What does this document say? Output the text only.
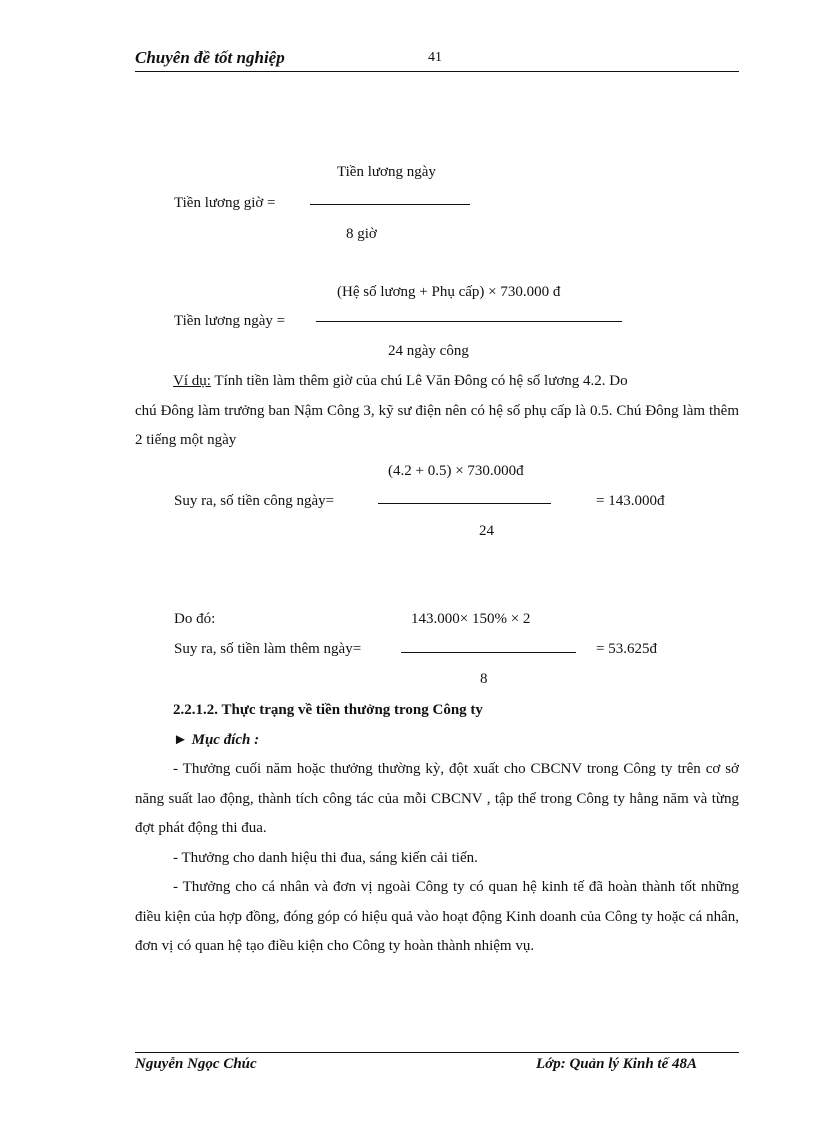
Chuyên đề tốt nghiệp	41
Tiền lương ngày
Tiền lương giờ =
8 giờ
(Hệ số lương + Phụ cấp) × 730.000 đ
Tiền lương ngày =
24 ngày công
Ví dụ: Tính tiền làm thêm giờ của chú Lê Văn Đông có hệ số lương 4.2. Do
chú Đông làm trưởng ban Nậm Công 3, kỹ sư điện nên có hệ số phụ cấp là 0.5. Chú Đông làm thêm 2 tiếng một ngày
(4.2 + 0.5) × 730.000đ
Suy ra, số tiền công ngày=	= 143.000đ
24
Do đó:	143.000× 150% × 2
Suy ra, số tiền làm thêm ngày=	= 53.625đ
8
2.2.1.2. Thực trạng về tiền thưởng trong Công ty
► Mục đích :
- Thưởng cuối năm hoặc thưởng thường kỳ, đột xuất cho CBCNV trong Công ty trên cơ sở năng suất lao động, thành tích công tác của mỗi CBCNV , tập thể trong Công ty hằng năm và từng đợt phát động thi đua.
- Thưởng cho danh hiệu thi đua, sáng kiến cải tiến.
- Thưởng cho cá nhân và đơn vị ngoài Công ty có quan hệ kinh tế đã hoàn thành tốt những điều kiện của hợp đồng, đóng góp có hiệu quả vào hoạt động Kinh doanh của Công ty hoặc cá nhân, đơn vị có quan hệ tạo điều kiện cho Công ty hoàn thành nhiệm vụ.
Nguyễn Ngọc Chúc	Lớp: Quản lý Kinh tế 48A
